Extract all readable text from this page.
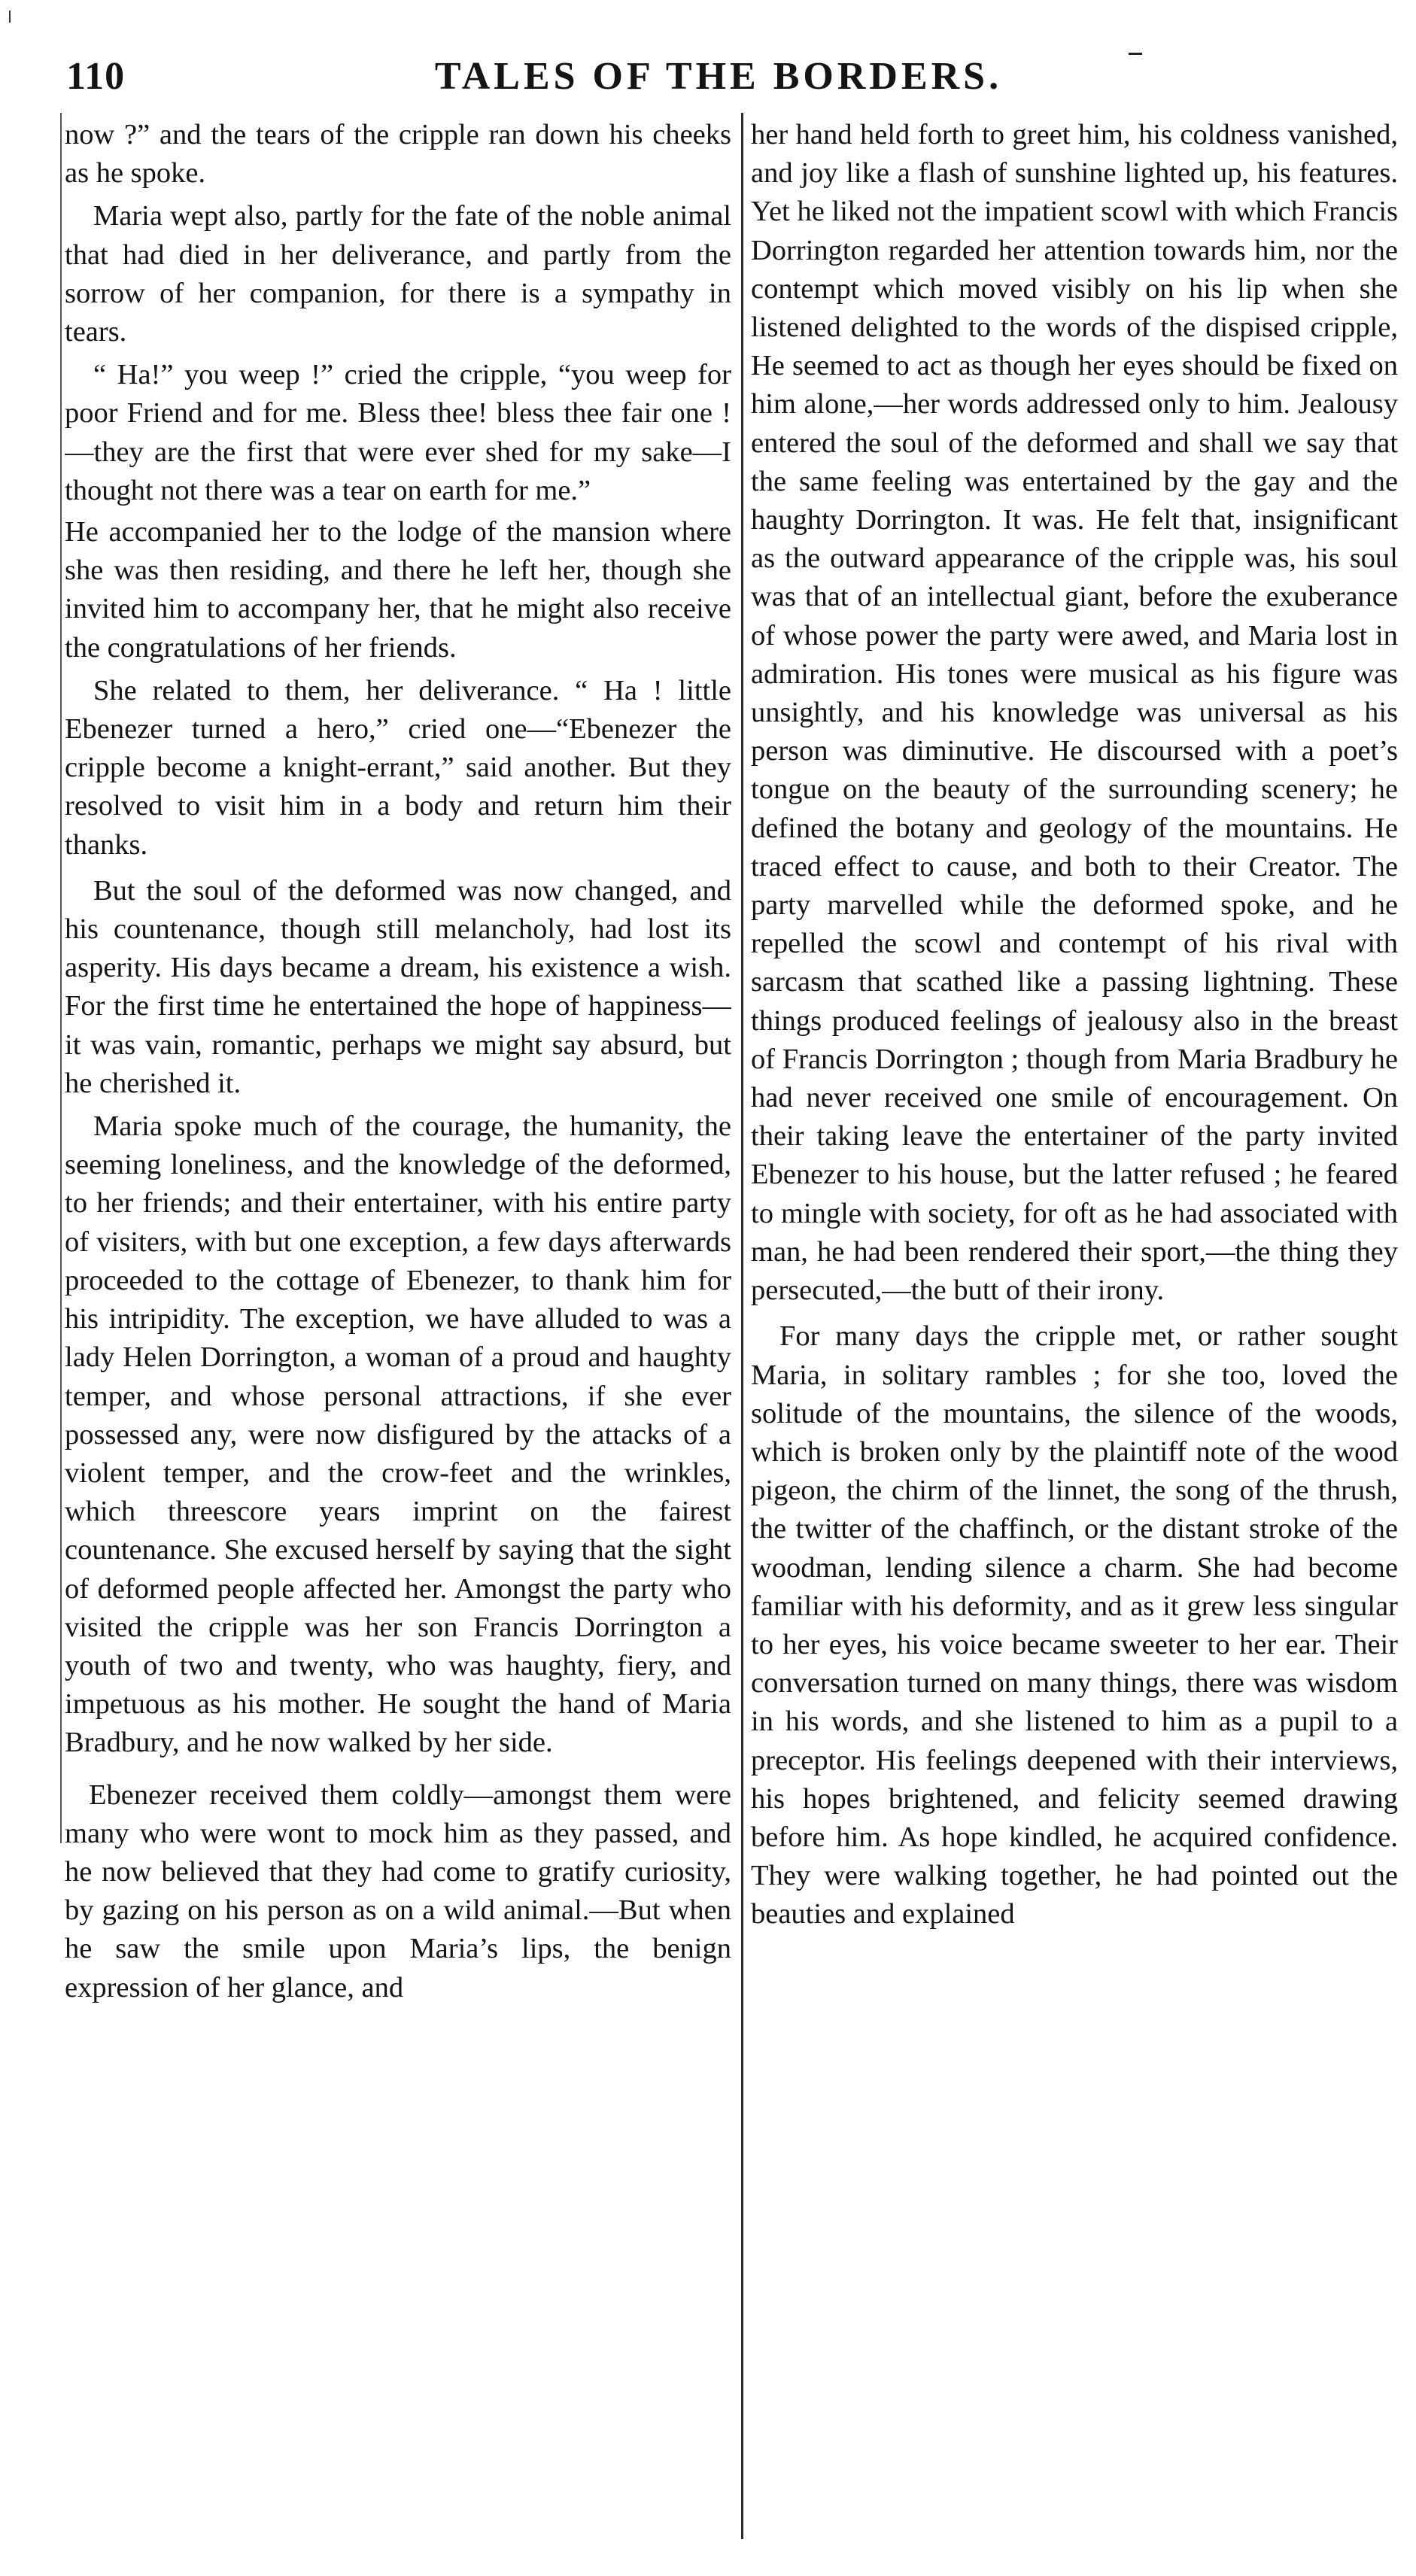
110	TALES OF THE BORDERS.

now ?” and the tears of the cripple ran down his cheeks as he spoke.

Maria wept also, partly for the fate of the noble animal that had died in her deliverance, and partly from the sorrow of her companion, for there is a sympathy in tears.

“ Ha!” you weep !” cried the cripple, “you weep for poor Friend and for me. Bless thee! bless thee fair one !—they are the first that were ever shed for my sake—I thought not there was a tear on earth for me.”

He accompanied her to the lodge of the mansion where she was then residing, and there he left her, though she invited him to accompany her, that he might also receive the congratulations of her friends.

She related to them, her deliverance. “ Ha ! little Ebenezer turned a hero,” cried one—“Ebenezer the cripple become a knight-errant,” said another. But they resolved to visit him in a body and return him their thanks.

But the soul of the deformed was now changed, and his countenance, though still melancholy, had lost its asperity. His days became a dream, his existence a wish. For the first time he entertained the hope of happiness—it was vain, romantic, perhaps we might say absurd, but he cherished it.

Maria spoke much of the courage, the humanity, the seeming loneliness, and the knowledge of the deformed, to her friends; and their entertainer, with his entire party of visiters, with but one exception, a few days afterwards proceeded to the cottage of Ebenezer, to thank him for his intripidity. The exception, we have alluded to was a lady Helen Dorrington, a woman of a proud and haughty temper, and whose personal attractions, if she ever possessed any, were now disfigured by the attacks of a violent temper, and the crow-feet and the wrinkles, which threescore years imprint on the fairest countenance. She excused herself by saying that the sight of deformed people affected her. Amongst the party who visited the cripple was her son Francis Dorrington a youth of two and twenty, who was haughty, fiery, and impetuous as his mother. He sought the hand of Maria Bradbury, and he now walked by her side.

Ebenezer received them coldly—amongst them were many who were wont to mock him as they passed, and he now believed that they had come to gratify curiosity, by gazing on his person as on a wild animal.—But when he saw the smile upon Maria’s lips, the benign expression of her glance, and

her hand held forth to greet him, his coldness vanished, and joy like a flash of sunshine lighted up, his features. Yet he liked not the impatient scowl with which Francis Dorrington regarded her attention towards him, nor the contempt which moved visibly on his lip when she listened delighted to the words of the dispised cripple, He seemed to act as though her eyes should be fixed on him alone,—her words addressed only to him. Jealousy entered the soul of the deformed and shall we say that the same feeling was entertained by the gay and the haughty Dorrington. It was. He felt that, insignificant as the outward appearance of the cripple was, his soul was that of an intellectual giant, before the exuberance of whose power the party were awed, and Maria lost in admiration. His tones were musical as his figure was unsightly, and his knowledge was universal as his person was diminutive. He discoursed with a poet’s tongue on the beauty of the surrounding scenery; he defined the botany and geology of the mountains. He traced effect to cause, and both to their Creator. The party marvelled while the deformed spoke, and he repelled the scowl and contempt of his rival with sarcasm that scathed like a passing lightning. These things produced feelings of jealousy also in the breast of Francis Dorrington ; though from Maria Bradbury he had never received one smile of encouragement. On their taking leave the entertainer of the party invited Ebenezer to his house, but the latter refused ; he feared to mingle with society, for oft as he had associated with man, he had been rendered their sport,—the thing they persecuted,—the butt of their irony.

For many days the cripple met, or rather sought Maria, in solitary rambles ; for she too, loved the solitude of the mountains, the silence of the woods, which is broken only by the plaintiff note of the wood pigeon, the chirm of the linnet, the song of the thrush, the twitter of the chaffinch, or the distant stroke of the woodman, lending silence a charm. She had become familiar with his deformity, and as it grew less singular to her eyes, his voice became sweeter to her ear. Their conversation turned on many things, there was wisdom in his words, and she listened to him as a pupil to a preceptor. His feelings deepened with their interviews, his hopes brightened, and felicity seemed drawing before him. As hope kindled, he acquired confidence. They were walking together, he had pointed out the beauties and explained
